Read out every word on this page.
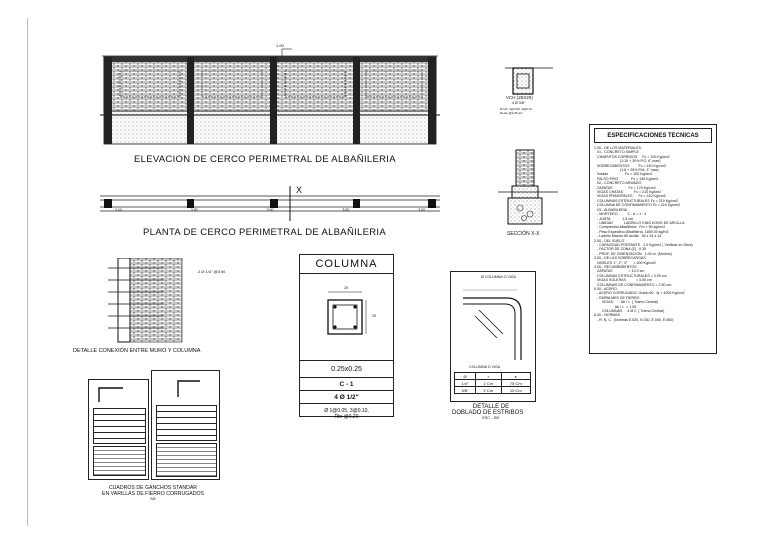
1.00
ELEVACION DE CERCO PERIMETRAL DE ALBAÑILERIA
3.00	3.00	3.00	3.00	3.00
X
PLANTA DE CERCO PERIMETRAL DE ALBAÑILERIA
VCH (25X20)
4 Ø 3/8"
Ø 1/4" 1@0.05, 4@0.10
Resto @0.25 a/c
SECCIÓN X-X
2 Ø 1/4" @3 hil.
DETALLE CONEXIÓN ENTRE MURO Y COLUMNA
COLUMNA
25
25
0.25x0.25
C - 1
4 Ø 1/2"
Ø 1@0.05, 3@0.10,
Rto @0.20
Ø COLUMNA O VIGA
COLUMNA O VIGA
Ø	r	e
1/4"	2 Cm	75 Cm
3/8"	2 Cm	10 Cm
DETALLE DE
DOBLADO DE ESTRIBOS
ESC. : S/E
CUADROS DE GANCHOS STANDAR
EN VARILLAS DE FIERRO CORRUGADOS
S/E
ESPECIFICACIONES TECNICAS
1.00.- DE LOS MATERIALES
01.- CONCRETO SIMPLE
CIMIENTOS CORRIDOS     Fc = 100 Kg/cm2
(1:10 + 30% P.G. 6" max)
SOBRECIMIENTOS         Fc = 140 Kg/cm2
(1:8 + 25% P.M. 3" max)
Solado                 Fc = 100 Kg/cm2
FALSO PISO             Fc = 140 Kg/cm2
02.- CONCRETO ARMADO
ZAPATAS                Fc = 175 Kg/cm2
VIGAS CHATAS           Fc = 210 Kg/cm2
VIGAS PRINCIPALES      Fc = 210 Kg/cm2
COLUMNAS ESTRUCTURALES Fc = 210 Kg/cm2
COLUMNA DE CONFINAMIENTO Fc = 210 Kg/cm2
03.- ALBAÑILERIA
- MORTERO          C : A = 1 : 4
- JUNTA            1.5 cm
- UNIDAD           LADRILLO KING KONG DE ARCILLA
- Compresión Albañilería   Fm = 50 kg/cm2
- Peso Específico Albañilería  1800.00 kg/m3
- Ladrillo Macizo 80 arcilla   36 x 24 x 14
2.00.- DEL SUELO
- CAPACIDAD PORTANTE   1.0 Kg/cm2 ( Verificar en Obra)
- FACTOR DE ZONA (Z)   0.35
- PROF. DE CIMENTACION   1.00 m. (Mínimo)
3.00.- DE LAS SOBRECARGAS
NIVELES 1°, 2°, 3°      = 200 Kg/cm2
4.00.- RECUBRIMIENTOS
ZAPATAS                = 10.0 cm
COLUMNAS ESTRUCTURALES = 3.00 cm
VIGAS SOLERAS          = 3.00 cm
COLUMNAS DE CONFINAMIENTO = 2.50 cm
5.00.- ACERO
- ACERO CORRUGADO: Grado 60   fy = 4200 Kg/cm2
- EMPALMES DE FIERRO
VIGAS        Ab / L  ( Tramo Central)
Ab / L  = 1.00
COLUMNAS     4 Ø 2  ( Tramo Central)
6.00.- NORMAS
- R. N. C.  (Normas E.020, E.030, E.050, E.060)
